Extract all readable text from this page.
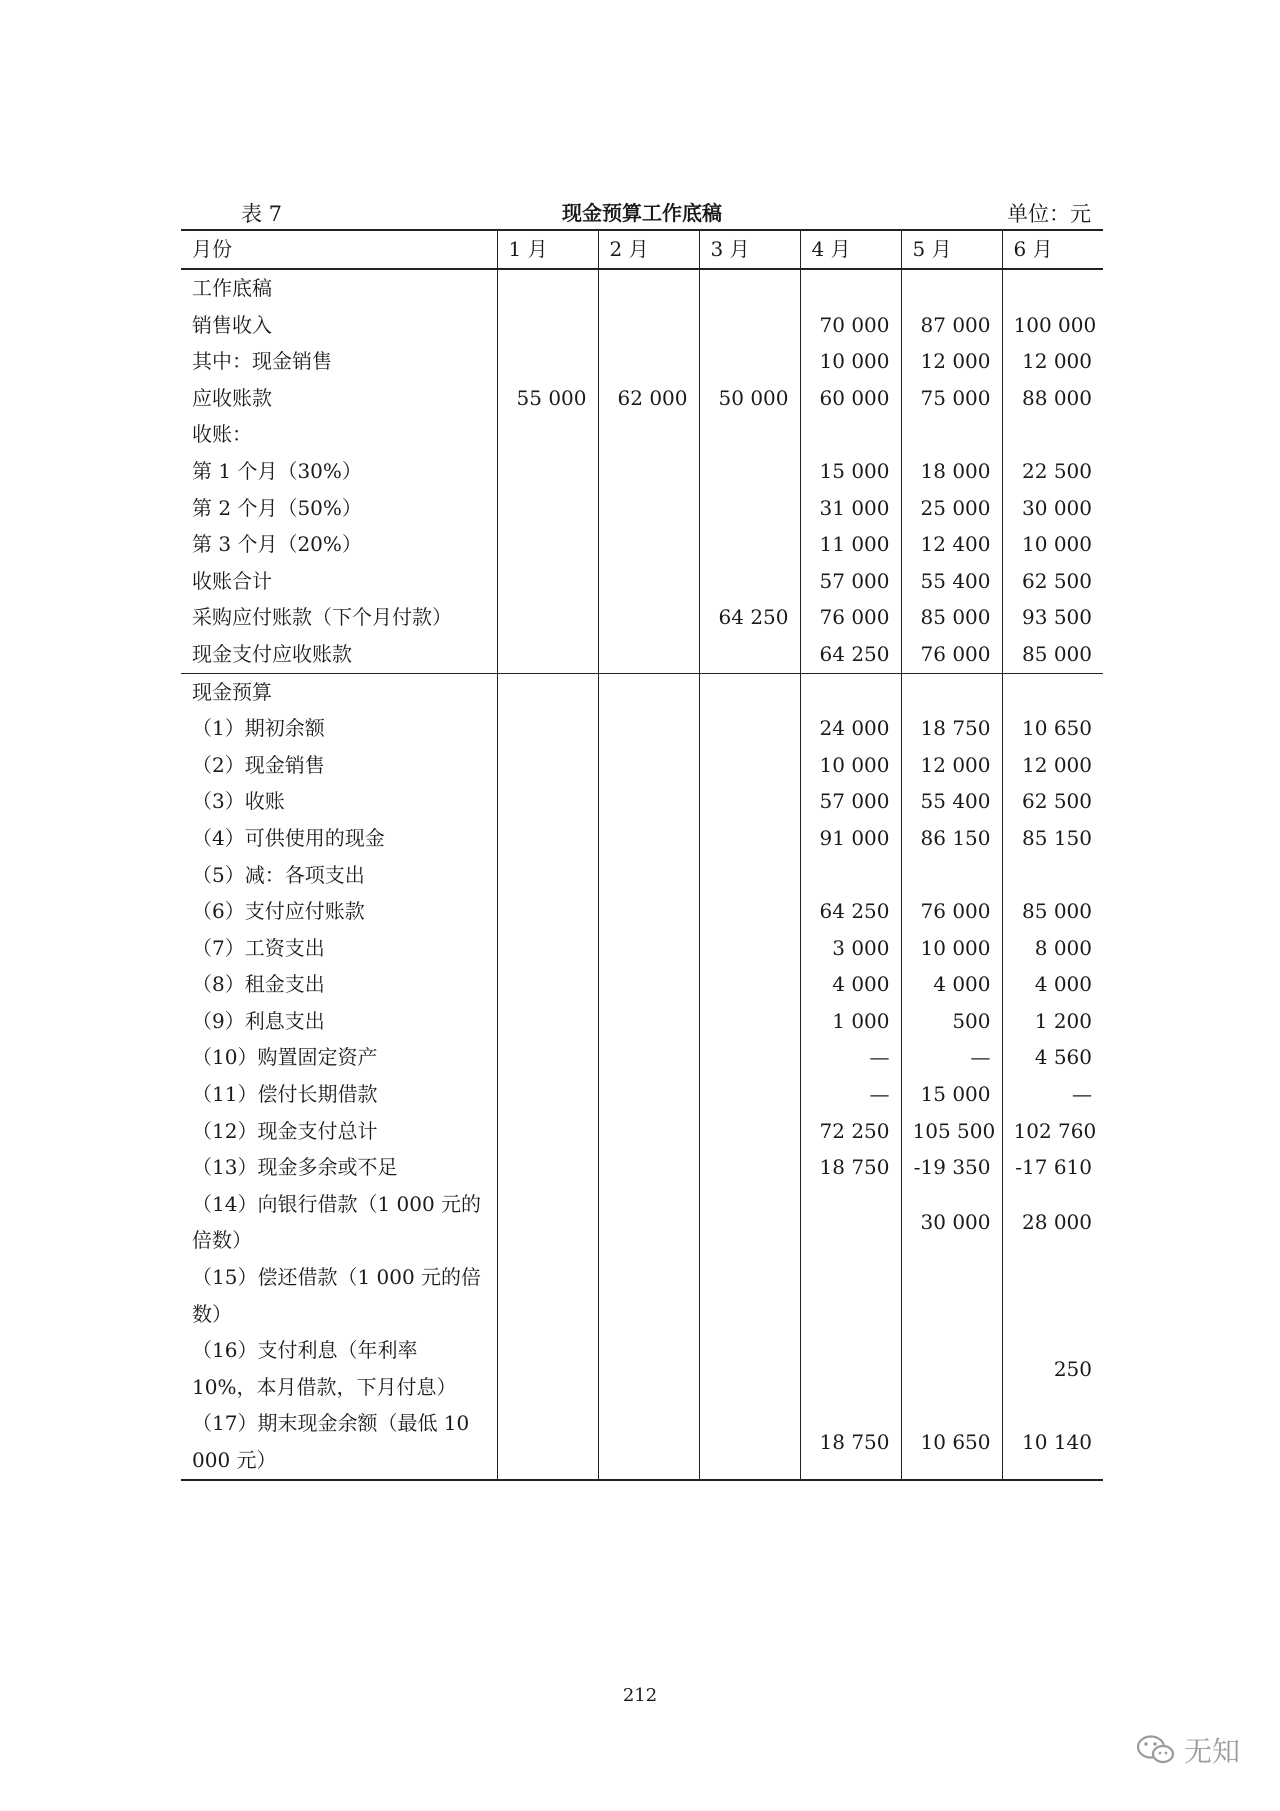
表 7	现金预算工作底稿	单位：元
月份	1 月	2 月	3 月	4 月	5 月	6 月
工作底稿						
销售收入				70 000	87 000	100 000
其中：现金销售				10 000	12 000	12 000
应收账款	55 000	62 000	50 000	60 000	75 000	88 000
收账：						
第 1 个月（30%）				15 000	18 000	22 500
第 2 个月（50%）				31 000	25 000	30 000
第 3 个月（20%）				11 000	12 400	10 000
收账合计				57 000	55 400	62 500
采购应付账款（下个月付款）			64 250	76 000	85 000	93 500
现金支付应收账款				64 250	76 000	85 000
现金预算						
（1）期初余额				24 000	18 750	10 650
（2）现金销售				10 000	12 000	12 000
（3）收账				57 000	55 400	62 500
（4）可供使用的现金				91 000	86 150	85 150
（5）减：各项支出						
（6）支付应付账款				64 250	76 000	85 000
（7）工资支出				3 000	10 000	8 000
（8）租金支出				4 000	4 000	4 000
（9）利息支出				1 000	500	1 200
（10）购置固定资产				—	—	4 560
（11）偿付长期借款				—	15 000	—
（12）现金支付总计				72 250	105 500	102 760
（13）现金多余或不足				18 750	-19 350	-17 610
（14）向银行借款（1 000 元的倍数）					30 000	28 000
（15）偿还借款（1 000 元的倍数）						
（16）支付利息（年利率 10%，本月借款，下月付息）						250
（17）期末现金余额（最低 10 000 元）				18 750	10 650	10 140
212
无知
